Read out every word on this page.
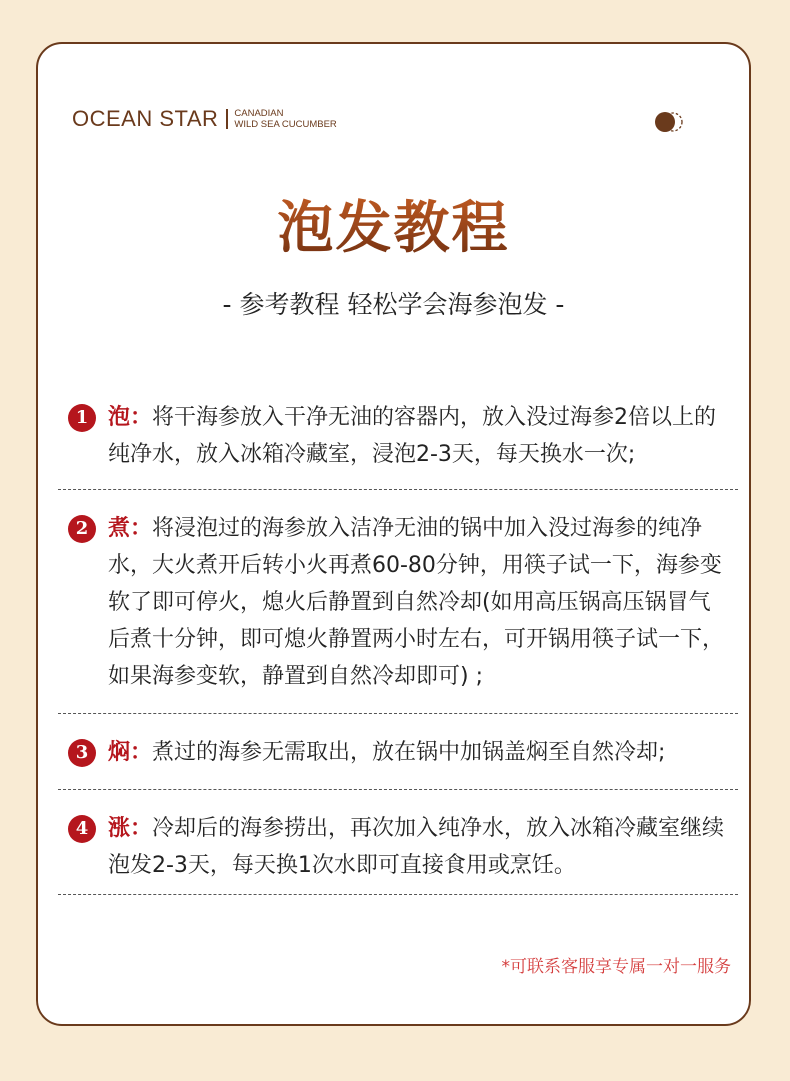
OCEAN STAR CANADIAN
WILD SEA CUCUMBER
泡发教程
- 参考教程 轻松学会海参泡发 -
1 泡：将干海参放入干净无油的容器内，放入没过海参2倍以上的纯净水，放入冰箱冷藏室，浸泡2-3天，每天换水一次;
2 煮：将浸泡过的海参放入洁净无油的锅中加入没过海参的纯净水，大火煮开后转小火再煮60-80分钟，用筷子试一下，海参变软了即可停火，熄火后静置到自然冷却(如用高压锅高压锅冒气后煮十分钟，即可熄火静置两小时左右，可开锅用筷子试一下，如果海参变软，静置到自然冷却即可) ;
3 焖：煮过的海参无需取出，放在锅中加锅盖焖至自然冷却;
4 涨：冷却后的海参捞出，再次加入纯净水，放入冰箱冷藏室继续泡发2-3天，每天换1次水即可直接食用或烹饪。
*可联系客服享专属一对一服务
